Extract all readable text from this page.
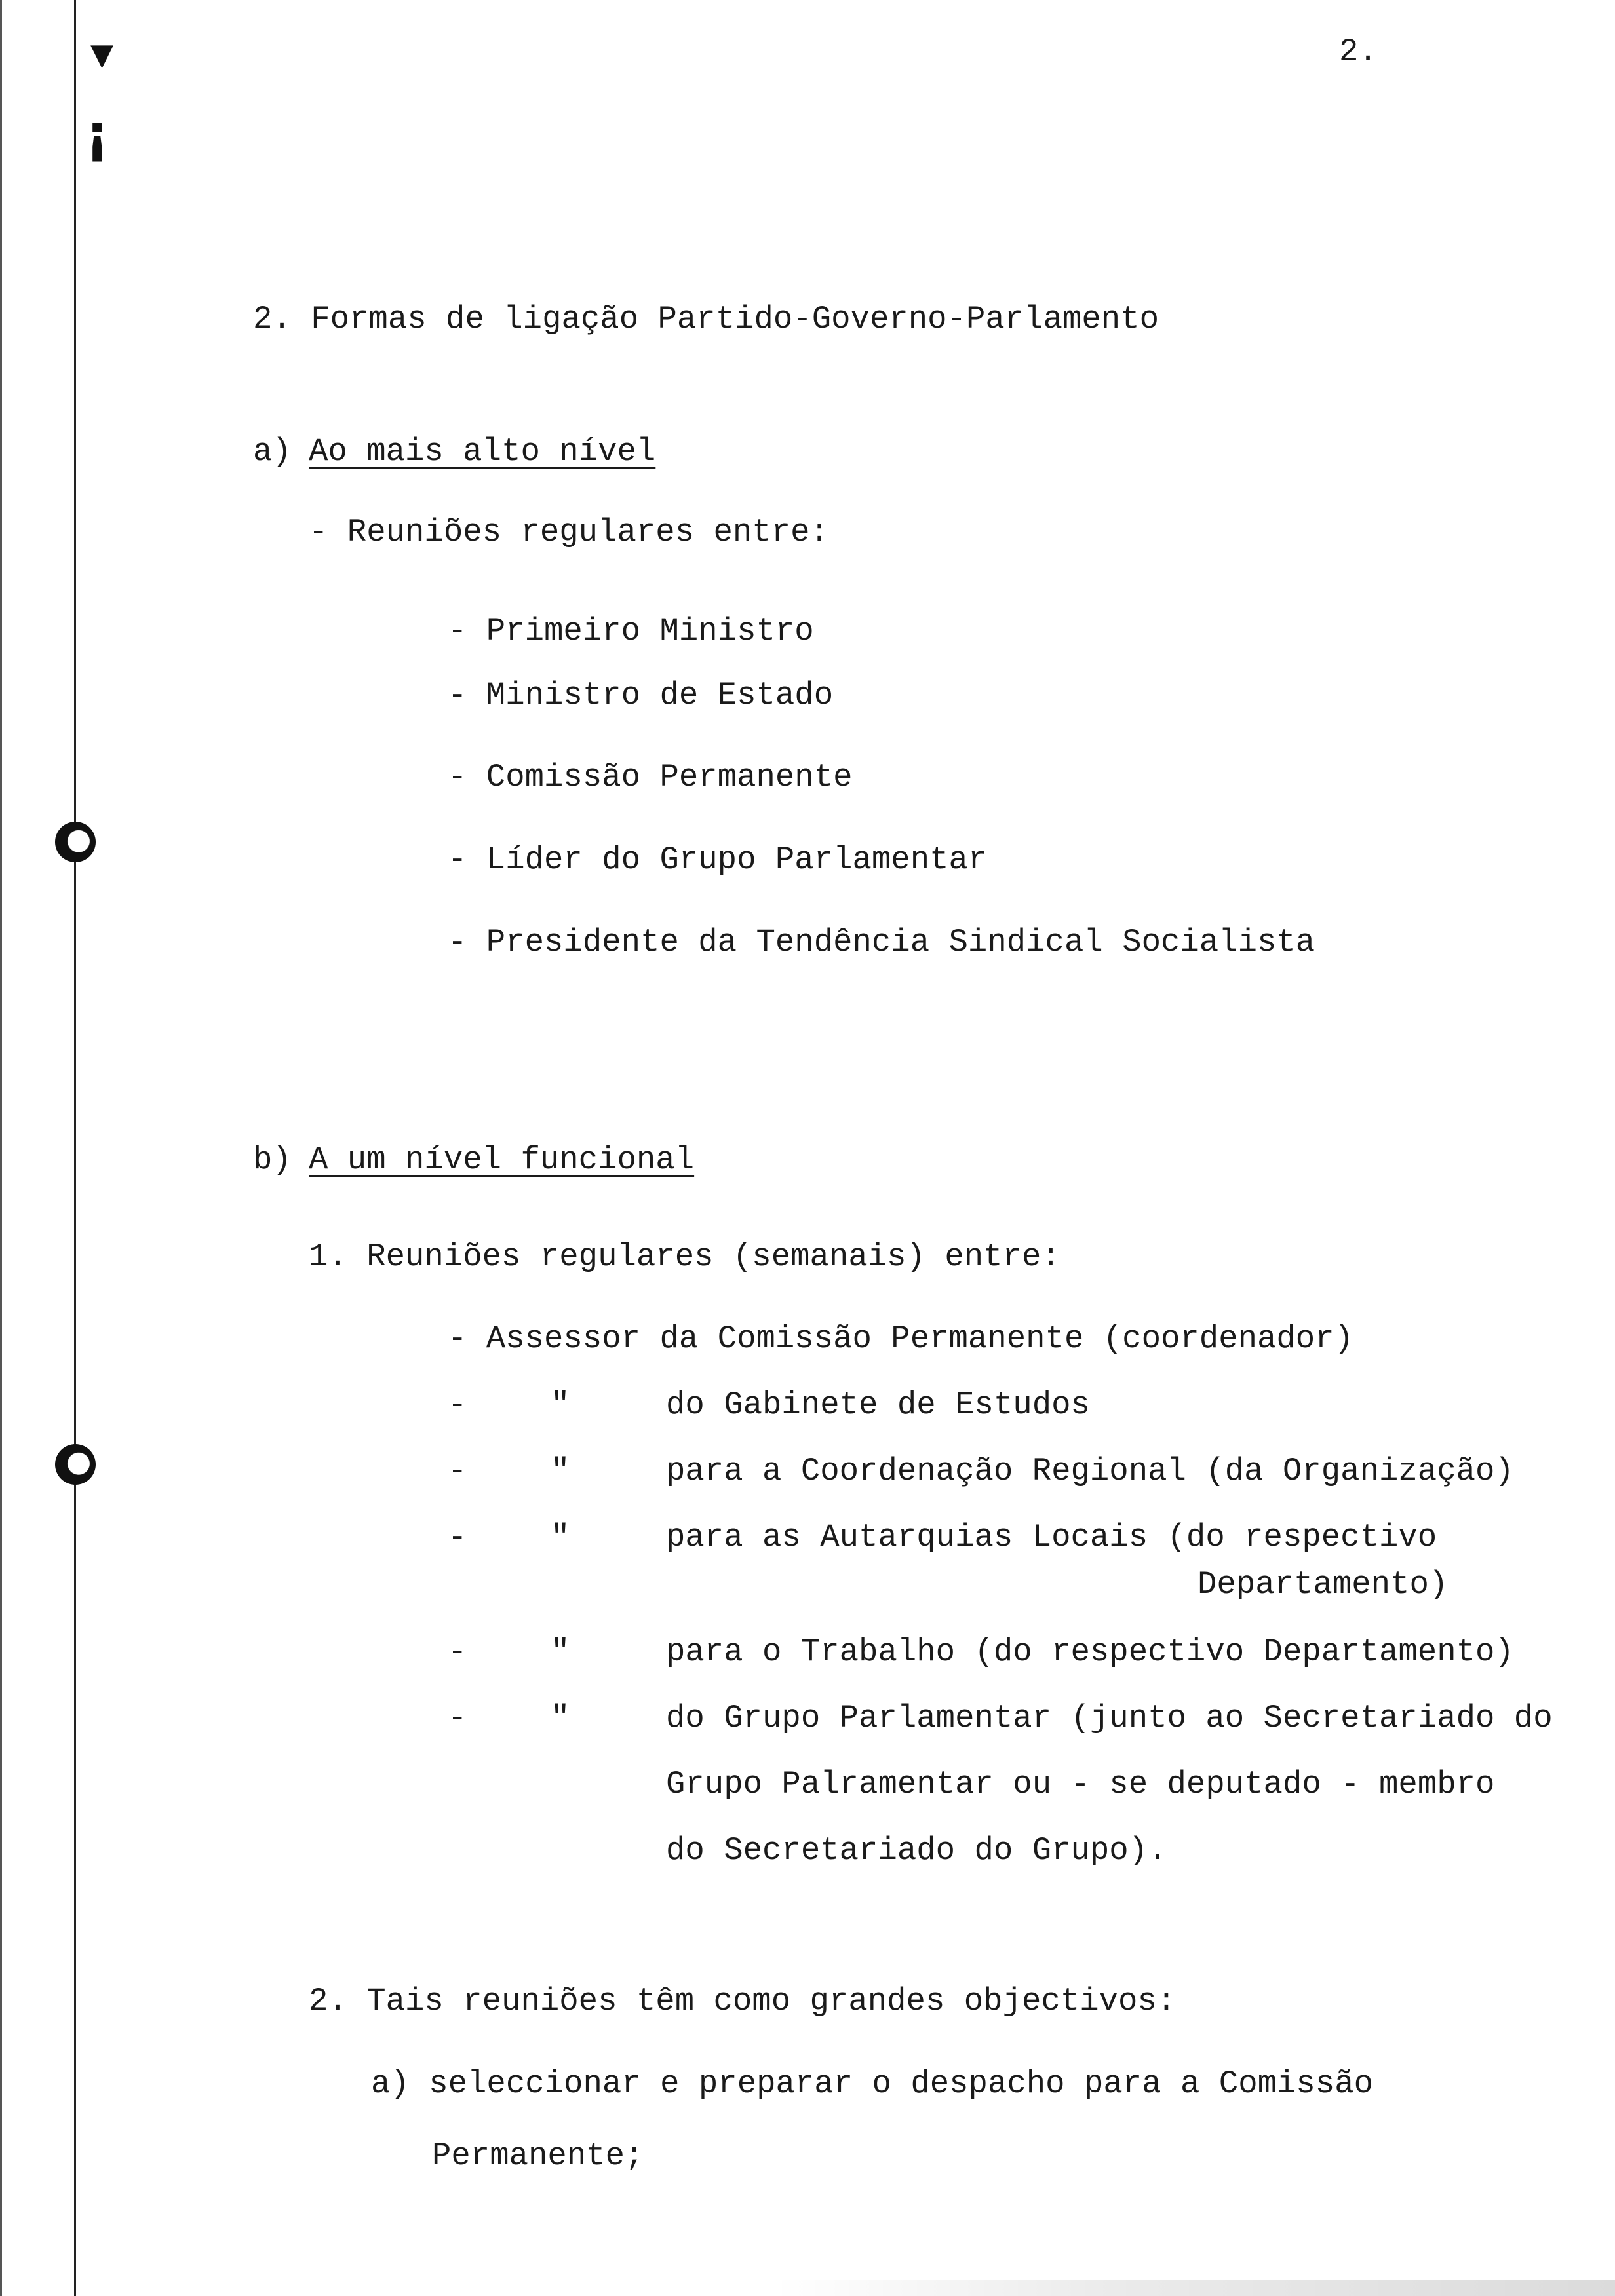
▾
¡
2.
2. Formas de ligação Partido-Governo-Parlamento
a) Ao mais alto nível
- Reuniões regulares entre:
- Primeiro Ministro
- Ministro de Estado
- Comissão Permanente
- Líder do Grupo Parlamentar
- Presidente da Tendência Sindical Socialista
b) A um nível funcional
1. Reuniões regulares (semanais) entre:
- Assessor da Comissão Permanente (coordenador)
-	"	do Gabinete de Estudos
-	"	para a Coordenação Regional (da Organização)
-	"	para as Autarquias Locais (do respectivo
Departamento)
-	"	para o Trabalho (do respectivo Departamento)
-	"	do Grupo Parlamentar (junto ao Secretariado do
Grupo Palramentar ou - se deputado - membro
do Secretariado do Grupo).
2. Tais reuniões têm como grandes objectivos:
a) seleccionar e preparar o despacho para a Comissão
Permanente;
